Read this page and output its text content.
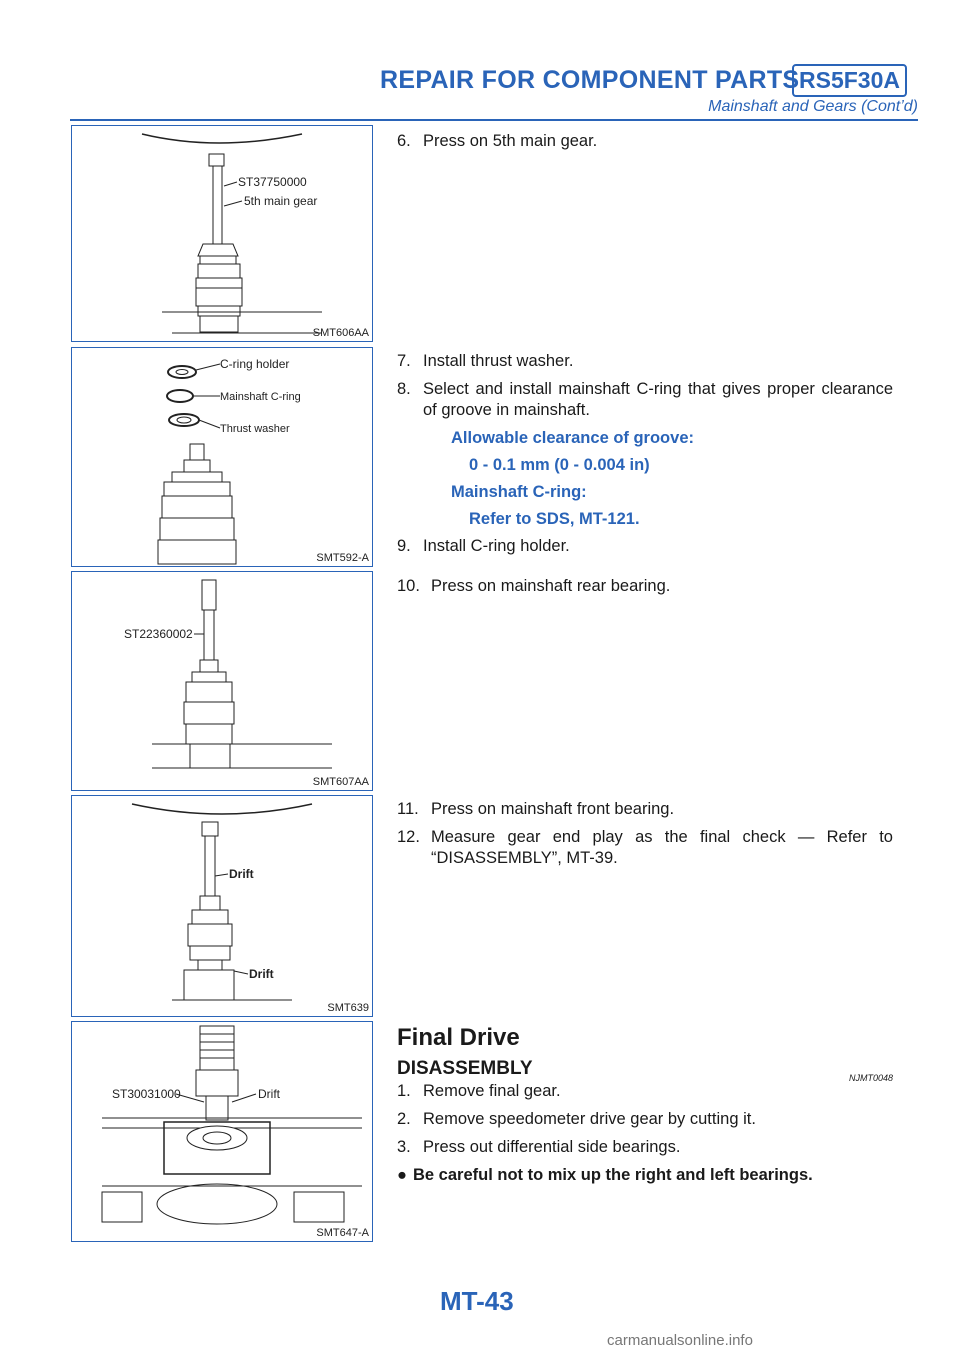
REPAIR FOR COMPONENT PARTS RS5F30A
Mainshaft and Gears (Cont’d)
ST37750000
5th main gear
SMT606AA
C-ring holder
Mainshaft C-ring
Thrust washer
SMT592-A
ST22360002
SMT607AA
Drift
Drift
SMT639
ST30031000	Drift
SMT647-A
6. Press on 5th main gear.
7. Install thrust washer.
8. Select and install mainshaft C-ring that gives proper clearance of groove in mainshaft.
Allowable clearance of groove:
0 - 0.1 mm (0 - 0.004 in)
Mainshaft C-ring:
Refer to SDS, MT-121.
9. Install C-ring holder.
10. Press on mainshaft rear bearing.
11. Press on mainshaft front bearing.
12. Measure gear end play as the final check — Refer to “DISASSEMBLY”, MT-39.
Final Drive
DISASSEMBLY	NJMT0048
1. Remove final gear.
2. Remove speedometer drive gear by cutting it.
3. Press out differential side bearings.
● Be careful not to mix up the right and left bearings.
MT-43
carmanualsonline.info
